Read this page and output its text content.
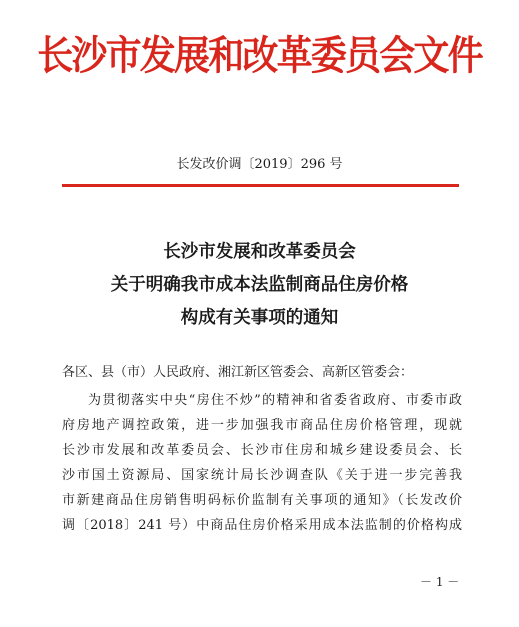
长沙市发展和改革委员会文件
长发改价调〔2019〕296 号
长沙市发展和改革委员会
关于明确我市成本法监制商品住房价格
构成有关事项的通知
各区、县（市）人民政府、湘江新区管委会、高新区管委会：
为贯彻落实中央“房住不炒”的精神和省委省政府、市委市政
府房地产调控政策，进一步加强我市商品住房价格管理，现就
长沙市发展和改革委员会、长沙市住房和城乡建设委员会、长
沙市国土资源局、国家统计局长沙调查队《关于进一步完善我
市新建商品住房销售明码标价监制有关事项的通知》（长发改价
调〔2018〕241 号）中商品住房价格采用成本法监制的价格构成
－ 1 －
